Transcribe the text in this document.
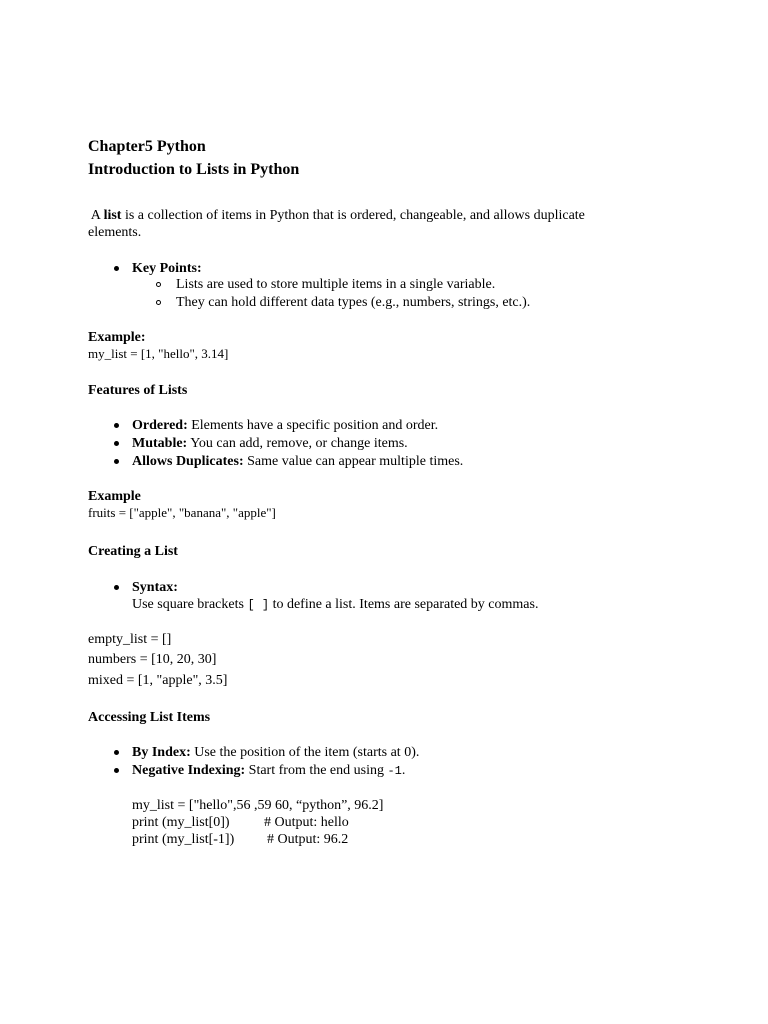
Chapter5 Python
Introduction to Lists in Python
A list is a collection of items in Python that is ordered, changeable, and allows duplicate
elements.
Key Points:
Lists are used to store multiple items in a single variable.
They can hold different data types (e.g., numbers, strings, etc.).
Example:
my_list = [1, "hello", 3.14]
Features of Lists
Ordered: Elements have a specific position and order.
Mutable: You can add, remove, or change items.
Allows Duplicates: Same value can appear multiple times.
Example
fruits = ["apple", "banana", "apple"]
Creating a List
Syntax:
Use square brackets [ ] to define a list. Items are separated by commas.
empty_list = []
numbers = [10, 20, 30]
mixed = [1, "apple", 3.5]
Accessing List Items
By Index: Use the position of the item (starts at 0).
Negative Indexing: Start from the end using -1.
my_list = ["hello",56 ,59 60, “python”, 96.2]
print (my_list[0]) # Output: hello
print (my_list[-1]) # Output: 96.2
